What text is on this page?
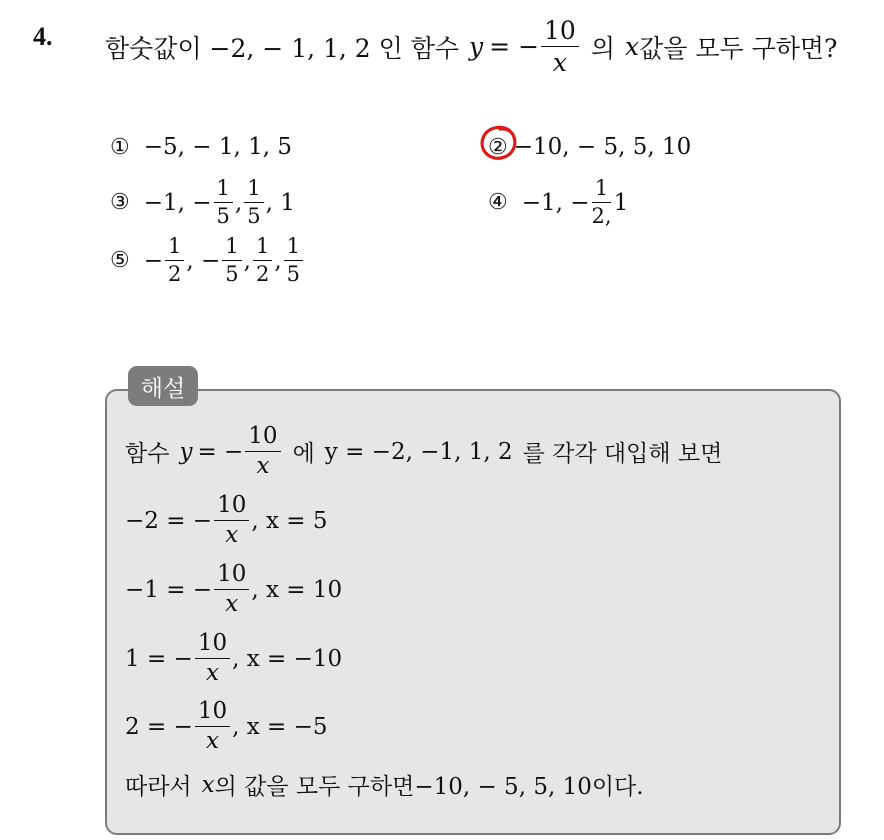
4. 함숫값이 −2, − 1, 1, 2 인 함수 y = − $\frac{10}{x}$ 의 x 값을 모두 구하면?
① −5, − 1, 1, 5	② −10, − 5, 5, 10
③ −1, − $\frac{1}{5}$ , $\frac{1}{5}$ , 1	④ −1, − $\frac{1}{2,} 1$
⑤ − $\frac{1}{2}$ , − $\frac{1}{5}$ , $\frac{1}{2}$ , $\frac{1}{5}$
해설
함수 y = − $\frac{10}{x}$ 에 y = −2, −1, 1, 2 를 각각 대입해 보면
−2 = − $\frac{10}{x}$ , x = 5
−1 = − $\frac{10}{x}$ , x = 10
1 = − $\frac{10}{x}$ , x = −10
2 = − $\frac{10}{x}$ , x = −5
따라서 x 의 값을 모두 구하면−10, − 5, 5, 10이다.
